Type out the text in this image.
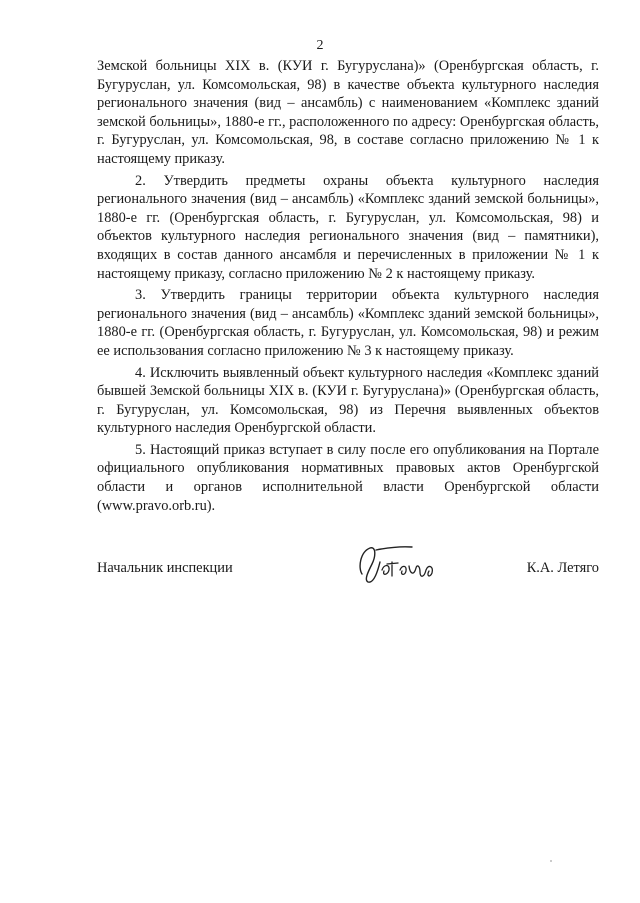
2

Земской больницы XIX в. (КУИ г. Бугуруслана)» (Оренбургская область, г. Бугуруслан, ул. Комсомольская, 98) в качестве объекта культурного наследия регионального значения (вид – ансамбль) с наименованием «Комплекс зданий земской больницы», 1880-е гг., расположенного по адресу: Оренбургская область, г. Бугуруслан, ул. Комсомольская, 98, в составе согласно приложению № 1 к настоящему приказу.

2. Утвердить предметы охраны объекта культурного наследия регионального значения (вид – ансамбль) «Комплекс зданий земской больницы», 1880-е гг. (Оренбургская область, г. Бугуруслан, ул. Комсомольская, 98) и объектов культурного наследия регионального значения (вид – памятники), входящих в состав данного ансамбля и перечисленных в приложении № 1 к настоящему приказу, согласно приложению № 2 к настоящему приказу.

3. Утвердить границы территории объекта культурного наследия регионального значения (вид – ансамбль) «Комплекс зданий земской больницы», 1880-е гг. (Оренбургская область, г. Бугуруслан, ул. Комсомольская, 98) и режим ее использования согласно приложению № 3 к настоящему приказу.

4. Исключить выявленный объект культурного наследия «Комплекс зданий бывшей Земской больницы XIX в. (КУИ г. Бугуруслана)» (Оренбургская область, г. Бугуруслан, ул. Комсомольская, 98) из Перечня выявленных объектов культурного наследия Оренбургской области.

5. Настоящий приказ вступает в силу после его опубликования на Портале официального опубликования нормативных правовых актов Оренбургской области и органов исполнительной власти Оренбургской области (www.pravo.orb.ru).

Начальник инспекции	К.А. Летяго
